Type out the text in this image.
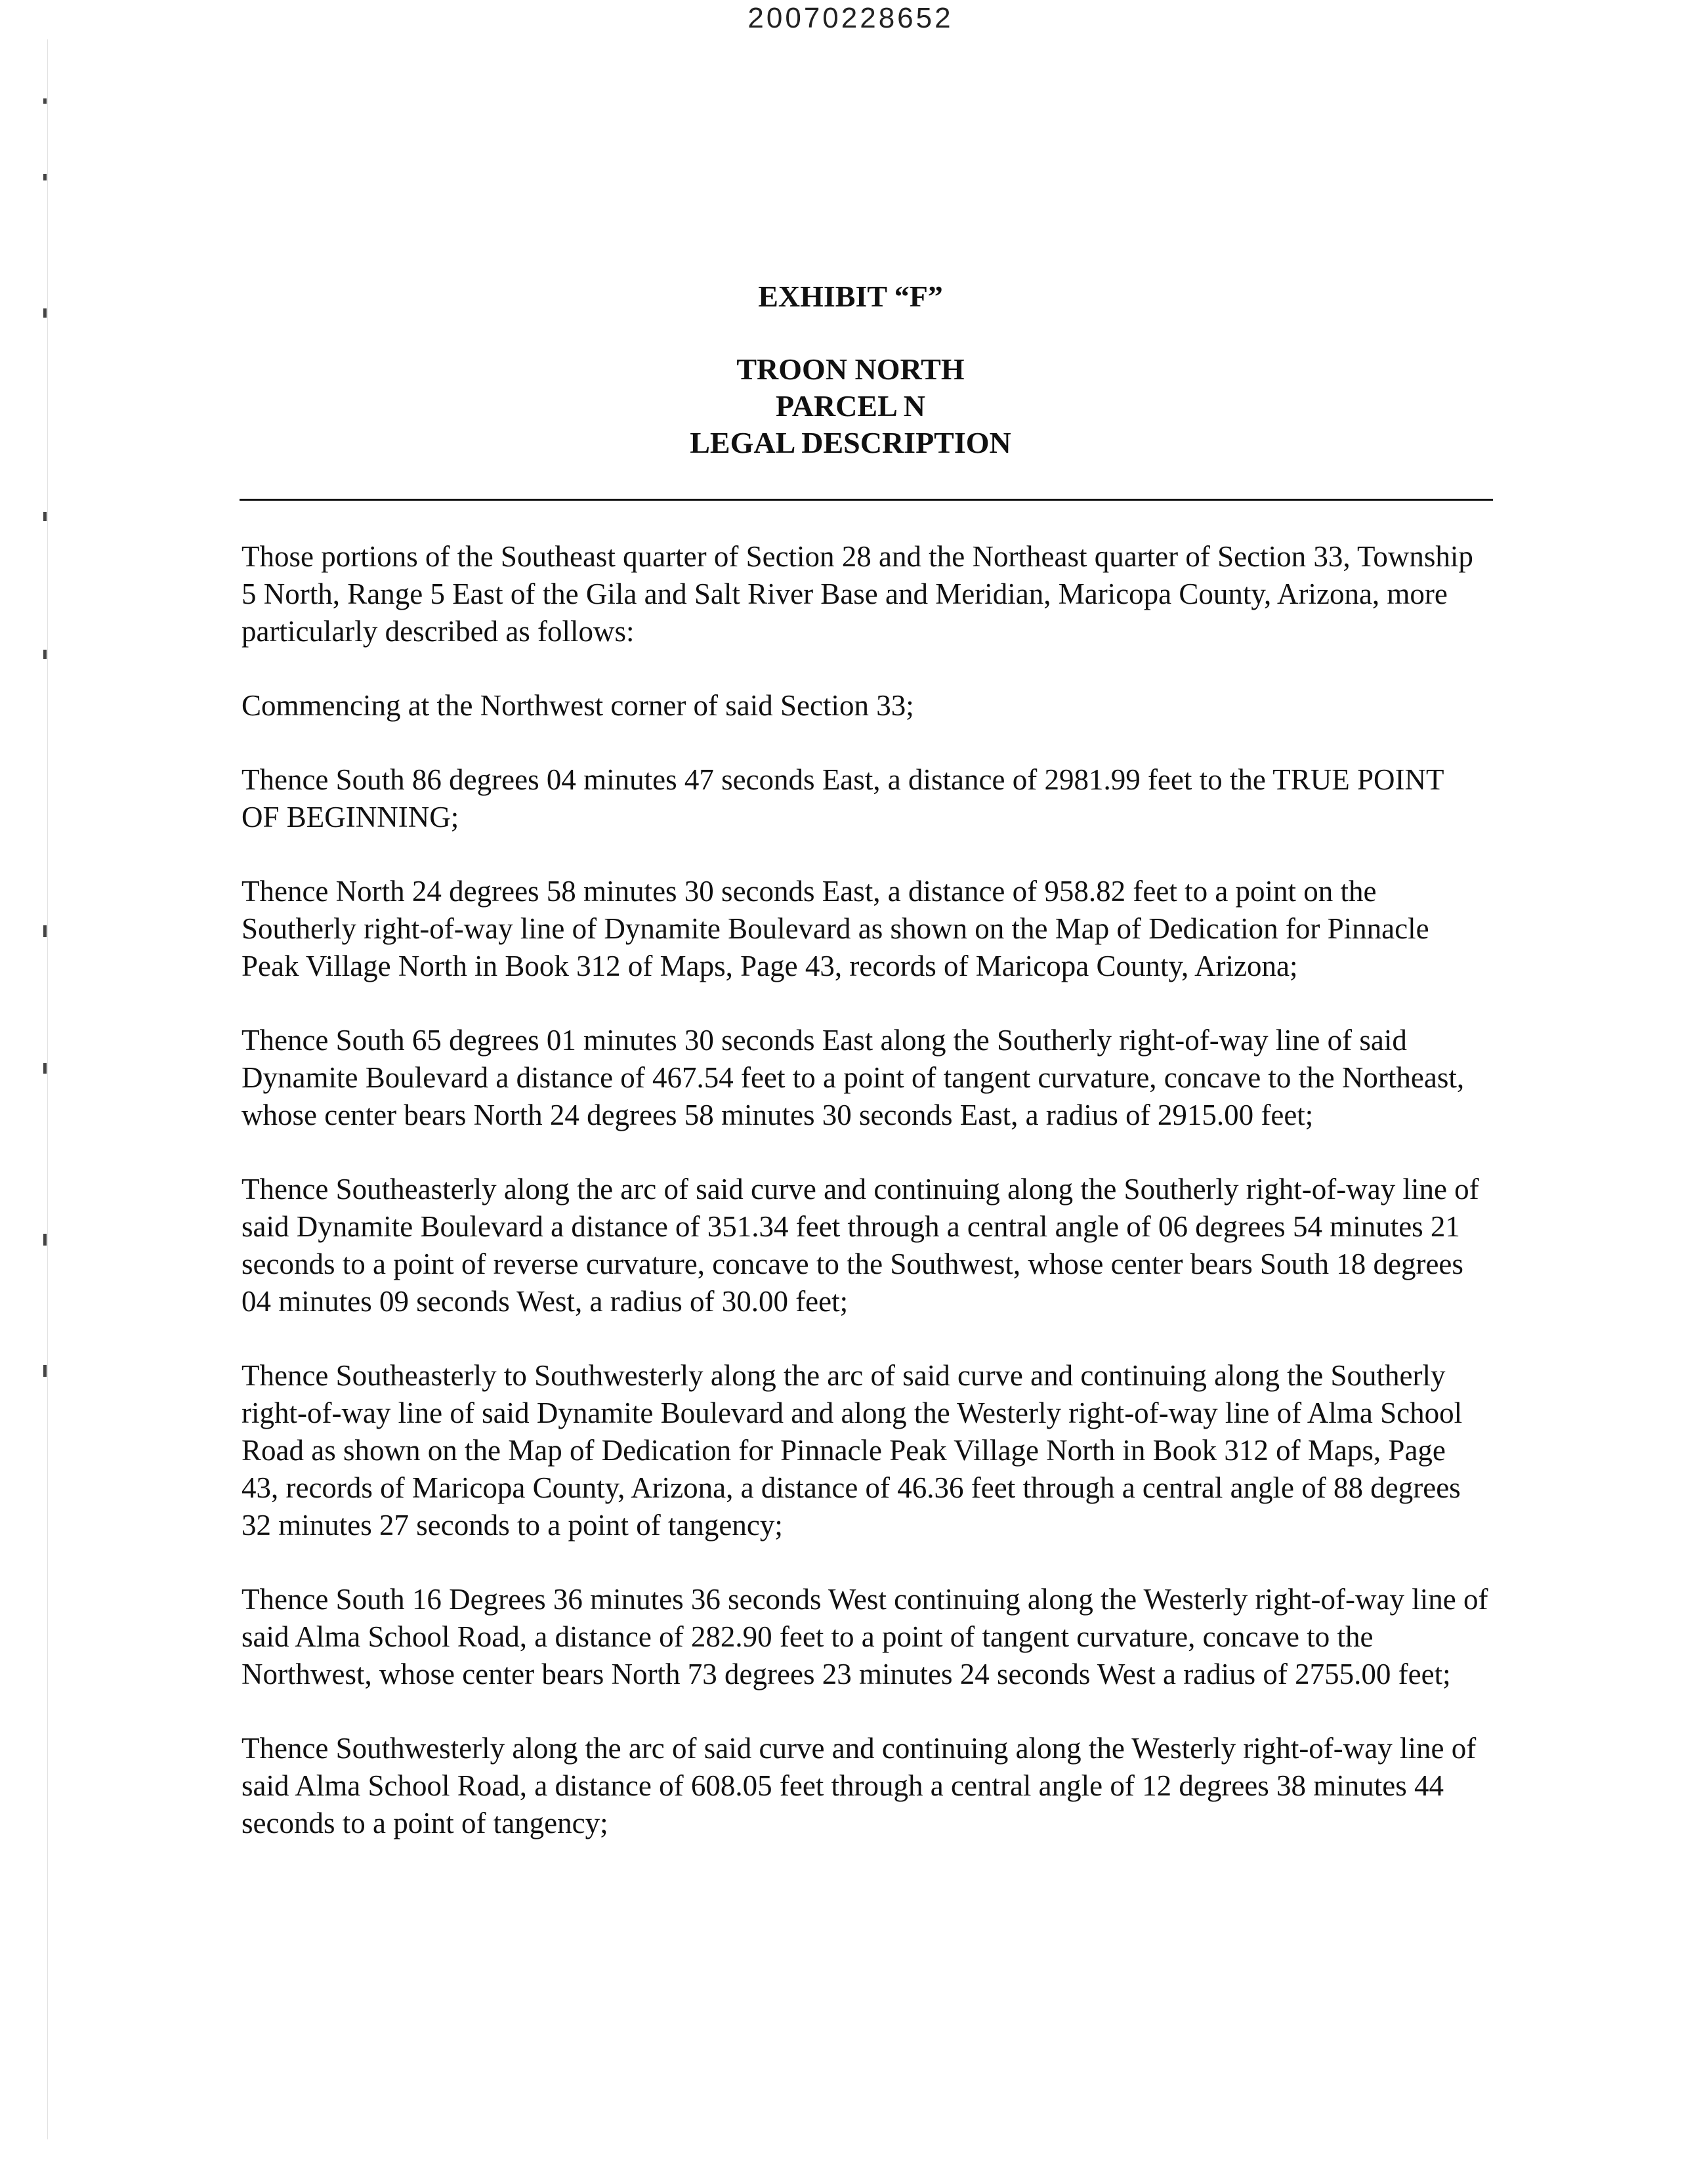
20070228652
EXHIBIT “F”
TROON NORTH
PARCEL N
LEGAL DESCRIPTION

Those portions of the Southeast quarter of Section 28 and the Northeast quarter of Section 33, Township 5 North, Range 5 East of the Gila and Salt River Base and Meridian, Maricopa County, Arizona, more particularly described as follows:

Commencing at the Northwest corner of said Section 33;

Thence South 86 degrees 04 minutes 47 seconds East, a distance of 2981.99 feet to the TRUE POINT OF BEGINNING;

Thence North 24 degrees 58 minutes 30 seconds East, a distance of 958.82 feet to a point on the Southerly right-of-way line of Dynamite Boulevard as shown on the Map of Dedication for Pinnacle Peak Village North in Book 312 of Maps, Page 43, records of Maricopa County, Arizona;

Thence South 65 degrees 01 minutes 30 seconds East along the Southerly right-of-way line of said Dynamite Boulevard a distance of 467.54 feet to a point of tangent curvature, concave to the Northeast, whose center bears North 24 degrees 58 minutes 30 seconds East, a radius of 2915.00 feet;

Thence Southeasterly along the arc of said curve and continuing along the Southerly right-of-way line of said Dynamite Boulevard a distance of 351.34 feet through a central angle of 06 degrees 54 minutes 21 seconds to a point of reverse curvature, concave to the Southwest, whose center bears South 18 degrees 04 minutes 09 seconds West, a radius of 30.00 feet;

Thence Southeasterly to Southwesterly along the arc of said curve and continuing along the Southerly right-of-way line of said Dynamite Boulevard and along the Westerly right-of-way line of Alma School Road as shown on the Map of Dedication for Pinnacle Peak Village North in Book 312 of Maps, Page 43, records of Maricopa County, Arizona, a distance of 46.36 feet through a central angle of 88 degrees 32 minutes 27 seconds to a point of tangency;

Thence South 16 Degrees 36 minutes 36 seconds West continuing along the Westerly right-of-way line of said Alma School Road, a distance of 282.90 feet to a point of tangent curvature, concave to the Northwest, whose center bears North 73 degrees 23 minutes 24 seconds West a radius of 2755.00 feet;

Thence Southwesterly along the arc of said curve and continuing along the Westerly right-of-way line of said Alma School Road, a distance of 608.05 feet through a central angle of 12 degrees 38 minutes 44 seconds to a point of tangency;
